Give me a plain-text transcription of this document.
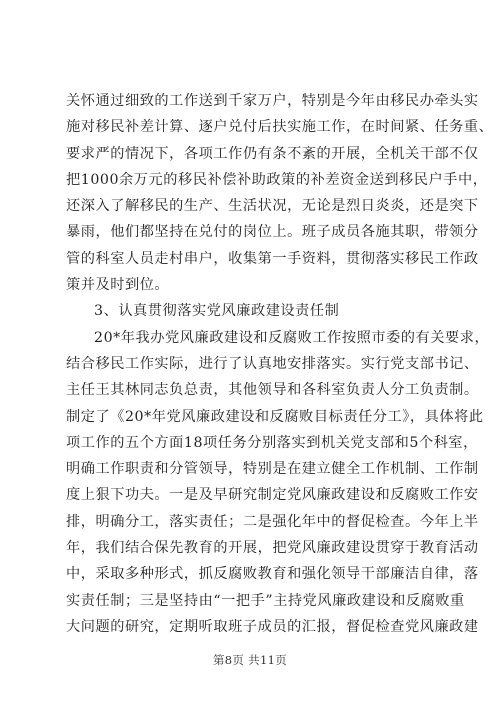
关怀通过细致的工作送到千家万户，特别是今年由移民办牵头实
施对移民补差计算、逐户兑付后扶实施工作，在时间紧、任务重、
要求严的情况下，各项工作仍有条不紊的开展，全机关干部不仅
把1000余万元的移民补偿补助政策的补差资金送到移民户手中，
还深入了解移民的生产、生活状况，无论是烈日炎炎，还是突下
暴雨，他们都坚持在兑付的岗位上。班子成员各施其职，带领分
管的科室人员走村串户，收集第一手资料，贯彻落实移民工作政
策并及时到位。
3、认真贯彻落实党风廉政建设责任制
20*年我办党风廉政建设和反腐败工作按照市委的有关要求，
结合移民工作实际，进行了认真地安排落实。实行党支部书记、
主任王其林同志负总责，其他领导和各科室负责人分工负责制。
制定了《20*年党风廉政建设和反腐败目标责任分工》，具体将此
项工作的五个方面18项任务分别落实到机关党支部和5个科室，
明确工作职责和分管领导，特别是在建立健全工作机制、工作制
度上狠下功夫。一是及早研究制定党风廉政建设和反腐败工作安
排，明确分工，落实责任；二是强化年中的督促检查。今年上半
年，我们结合保先教育的开展，把党风廉政建设贯穿于教育活动
中，采取多种形式，抓反腐败教育和强化领导干部廉洁自律，落
实责任制；三是坚持由“一把手”主持党风廉政建设和反腐败重
大问题的研究，定期听取班子成员的汇报，督促检查党风廉政建
第8页 共11页
